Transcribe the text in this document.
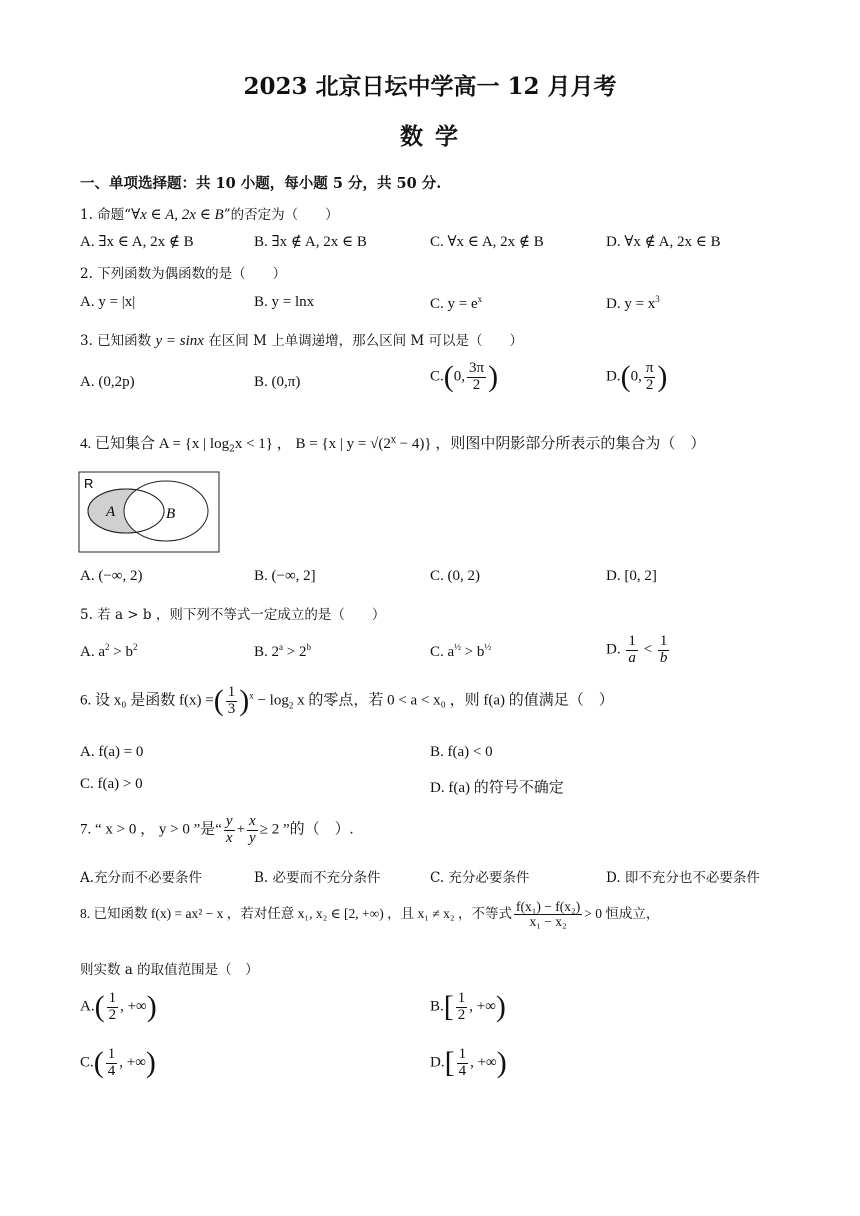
2023 北京日坛中学高一 12 月月考
数 学
一、单项选择题：共 10 小题，每小题 5 分，共 50 分.
1. 命题“∀x ∈ A, 2x ∈ B”的否定为（　　）
A. ∃x ∈ A, 2x ∉ B	B. ∃x ∉ A, 2x ∈ B	C. ∀x ∈ A, 2x ∉ B	D. ∀x ∉ A, 2x ∈ B
2. 下列函数为偶函数的是（　　）
A. y = |x|	B. y = lnx	C. $y = e^x$	D. $y = x^3$
3. 已知函数 y = sinx 在区间 M 上单调递增，那么区间 M 可以是（　　）
A. (0,2p)	B. (0,π)	C.(0, $\frac{3\pi}{2}$ )	D.(0, $\frac{\pi}{2}$ )
4. 已知集合 A = {x | $\log_2x < 1$} ， B = {x | $y = √(2^x - 4)$} ，则图中阴影部分所表示的集合为（　）
R
A	B
A. (−∞, 2)	B. (−∞, 2]	C. (0, 2)	D. [0, 2]
5. 若 a > b ，则下列不等式一定成立的是（　　）
A. $a^2 > b^2$	B. $2^a > 2^b$	C. $a^{\frac{1}{2}} > b^{\frac{1}{2}}$	D. $\frac{1}{a} < \frac{1}{b}$
6. 设 x₀ 是函数 f(x) =( $\frac{1}{3} )^x - \log_2 x$ 的零点，若 0 < a < x₀ ，则 f(a) 的值满足（　）
A. f(a) = 0	B. f(a) < 0
C. f(a) > 0	D. f(a) 的符号不确定
7. “ x > 0 ， y > 0 ”是“ $\frac{y}{x} + \frac{x}{y} \ge 2$ ”的（　）.
A.充分而不必要条件	B. 必要而不充分条件	C. 充分必要条件	D. 即不充分也不必要条件
8. 已知函数 f(x) = ax² − x ，若对任意 x₁, x₂ ∈ [2, +∞) ，且 x₁ ≠ x₂ ，不等式 $\frac{\text{f(x₁) − f(x₂)}}{\text{x₁ − x₂}} > 0$ 恒成立，
则实数 a 的取值范围是（　）
$A.( \frac{1}{2}$ , +∞)	$B.[ \frac{1}{2}$ , +∞)
$C.( \frac{1}{4}$ , +∞)	$D.[ \frac{1}{4}$ , +∞)
